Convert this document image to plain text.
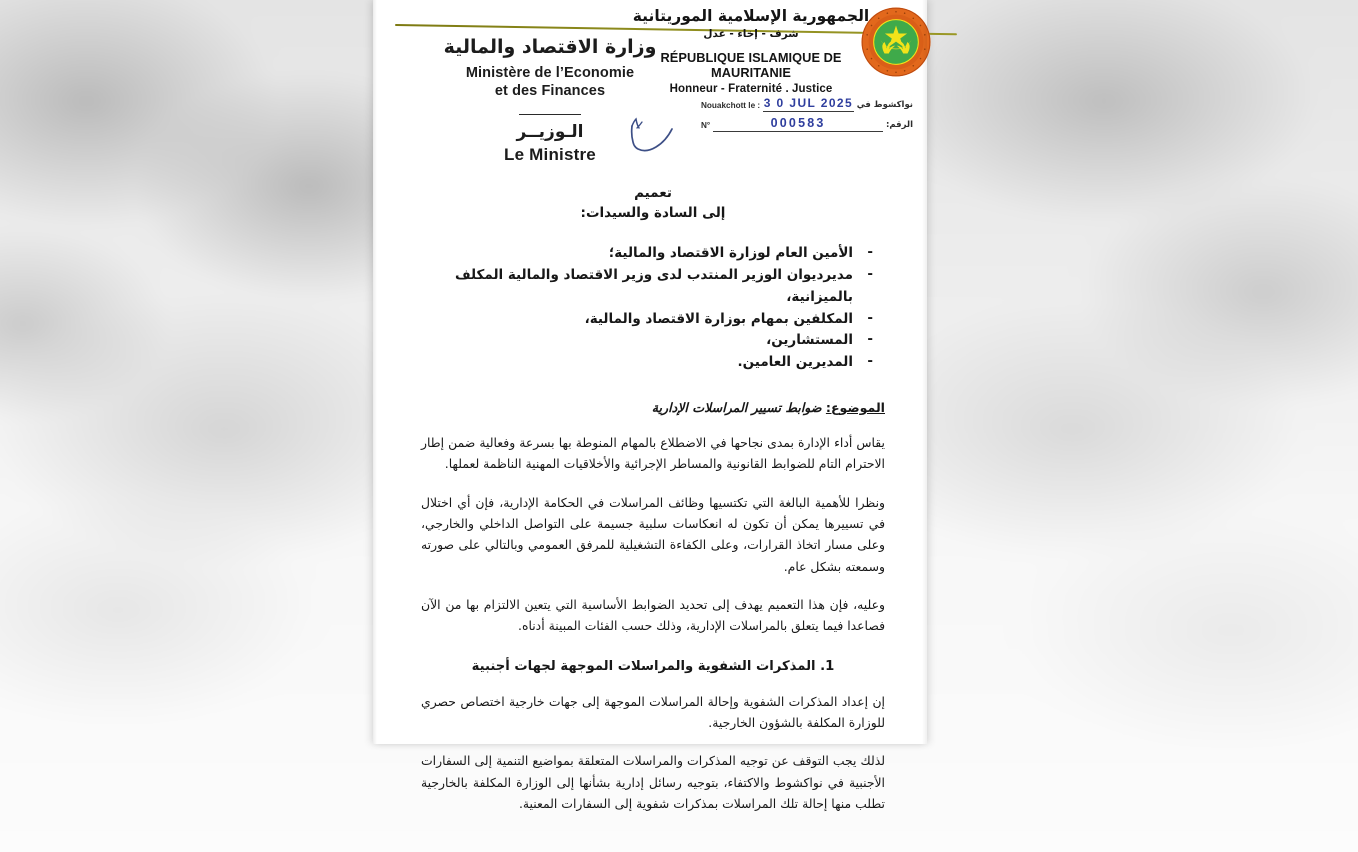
وزارة الاقتصاد والمالية
Ministère de l’Economie
et des Finances
الـوزيــر
Le Ministre
الجمهورية الإسلامية الموريتانية
شرف - إخاء - عدل
RÉPUBLIQUE ISLAMIQUE DE MAURITANIE
Honneur - Fraternité . Justice
Nouakchott le : 3 0 JUL 2025 نواكشوط في
N°	000583	الرقم:
تعميم
إلى السادة والسيدات:
- الأمين العام لوزارة الاقتصاد والمالية؛
- مديرديوان الوزير المنتدب لدى وزير الاقتصاد والمالية المكلف بالميزانية،
- المكلفين بمهام بوزارة الاقتصاد والمالية،
- المستشارين،
- المديرين العامين.
الموضوع: ضوابط تسيير المراسلات الإدارية

يقاس أداء الإدارة بمدى نجاحها في الاضطلاع بالمهام المنوطة بها بسرعة وفعالية ضمن إطار الاحترام التام للضوابط القانونية والمساطر الإجرائية والأخلاقيات المهنية الناظمة لعملها.

ونظرا للأهمية البالغة التي تكتسيها وظائف المراسلات في الحكامة الإدارية، فإن أي اختلال في تسييرها يمكن أن تكون له انعكاسات سلبية جسيمة على التواصل الداخلي والخارجي، وعلى مسار اتخاذ القرارات، وعلى الكفاءة التشغيلية للمرفق العمومي وبالتالي على صورته وسمعته بشكل عام.

وعليه، فإن هذا التعميم يهدف إلى تحديد الضوابط الأساسية التي يتعين الالتزام بها من الآن فصاعدا فيما يتعلق بالمراسلات الإدارية، وذلك حسب الفئات المبينة أدناه.

1. المذكرات الشفوية والمراسلات الموجهة لجهات أجنبية

إن إعداد المذكرات الشفوية وإحالة المراسلات الموجهة إلى جهات خارجية اختصاص حصري للوزارة المكلفة بالشؤون الخارجية.

لذلك يجب التوقف عن توجيه المذكرات والمراسلات المتعلقة بمواضيع التنمية إلى السفارات الأجنبية في نواكشوط والاكتفاء، بتوجيه رسائل إدارية بشأنها إلى الوزارة المكلفة بالخارجية تطلب منها إحالة تلك المراسلات بمذكرات شفوية إلى السفارات المعنية.
